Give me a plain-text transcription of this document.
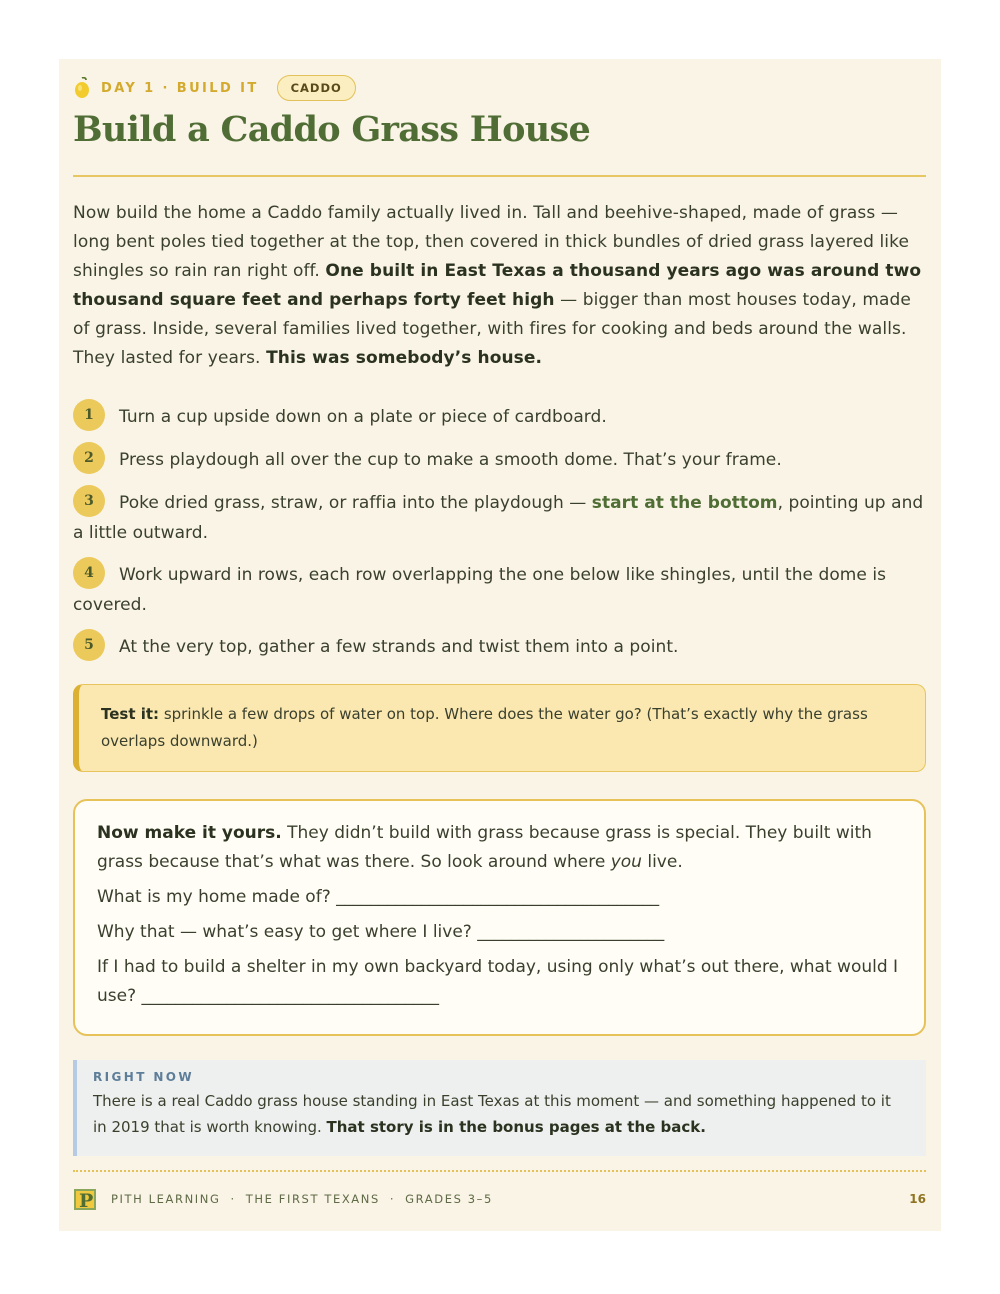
DAY 1 · BUILD IT	CADDO
Build a Caddo Grass House

Now build the home a Caddo family actually lived in. Tall and beehive-shaped, made of grass — long bent poles tied together at the top, then covered in thick bundles of dried grass layered like shingles so rain ran right off. One built in East Texas a thousand years ago was around two thousand square feet and perhaps forty feet high — bigger than most houses today, made of grass. Inside, several families lived together, with fires for cooking and beds around the walls. They lasted for years. This was somebody’s house.

1 Turn a cup upside down on a plate or piece of cardboard.
2 Press playdough all over the cup to make a smooth dome. That’s your frame.
3 Poke dried grass, straw, or raffia into the playdough — start at the bottom, pointing up and a little outward.
4 Work upward in rows, each row overlapping the one below like shingles, until the dome is covered.
5 At the very top, gather a few strands and twist them into a point.
Test it: sprinkle a few drops of water on top. Where does the water go? (That’s exactly why the grass overlaps downward.)

Now make it yours. They didn’t build with grass because grass is special. They built with grass because that’s what was there. So look around where you live.

What is my home made of? ______________________________________

Why that — what’s easy to get where I live? ______________________

If I had to build a shelter in my own backyard today, using only what’s out there, what would I use? ___________________________________

RIGHT NOW

There is a real Caddo grass house standing in East Texas at this moment — and something happened to it in 2019 that is worth knowing. That story is in the bonus pages at the back.

P PITH LEARNING · THE FIRST TEXANS · GRADES 3–5	16
